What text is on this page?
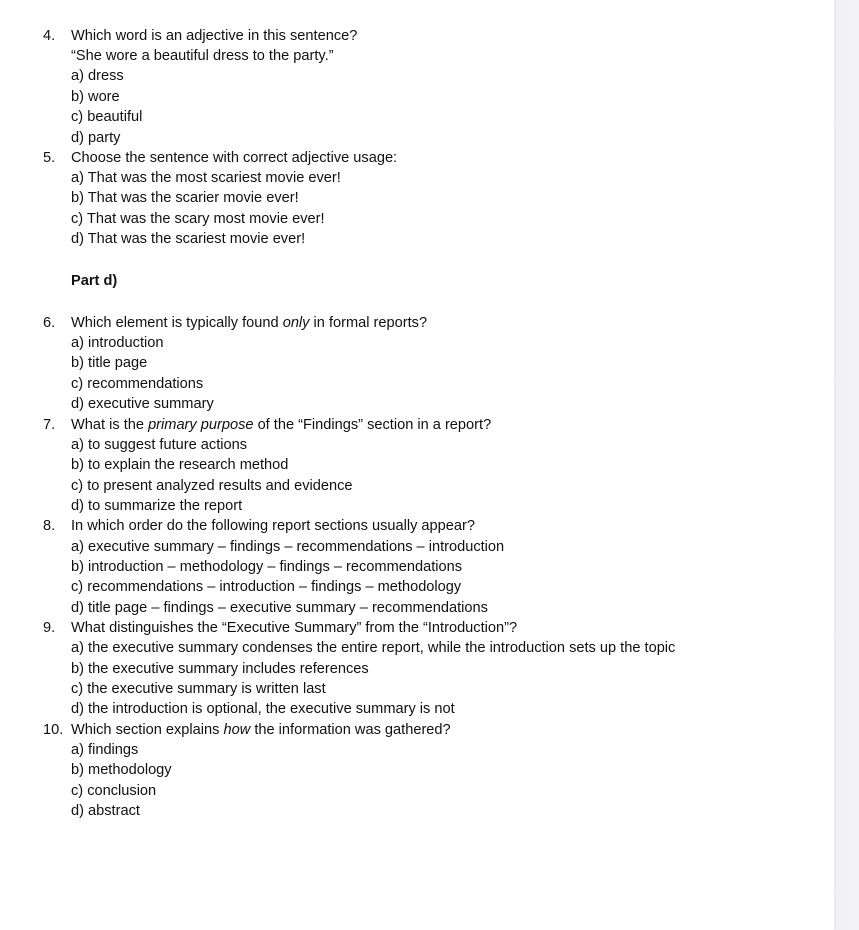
4. Which word is an adjective in this sentence?
“She wore a beautiful dress to the party.”
a) dress
b) wore
c) beautiful
d) party
5. Choose the sentence with correct adjective usage:
a) That was the most scariest movie ever!
b) That was the scarier movie ever!
c) That was the scary most movie ever!
d) That was the scariest movie ever!
Part d)
6. Which element is typically found only in formal reports?
a) introduction
b) title page
c) recommendations
d) executive summary
7. What is the primary purpose of the “Findings” section in a report?
a) to suggest future actions
b) to explain the research method
c) to present analyzed results and evidence
d) to summarize the report
8. In which order do the following report sections usually appear?
a) executive summary – findings – recommendations – introduction
b) introduction – methodology – findings – recommendations
c) recommendations – introduction – findings – methodology
d) title page – findings – executive summary – recommendations
9. What distinguishes the “Executive Summary” from the “Introduction”?
a) the executive summary condenses the entire report, while the introduction sets up the topic
b) the executive summary includes references
c) the executive summary is written last
d) the introduction is optional, the executive summary is not
10. Which section explains how the information was gathered?
a) findings
b) methodology
c) conclusion
d) abstract
